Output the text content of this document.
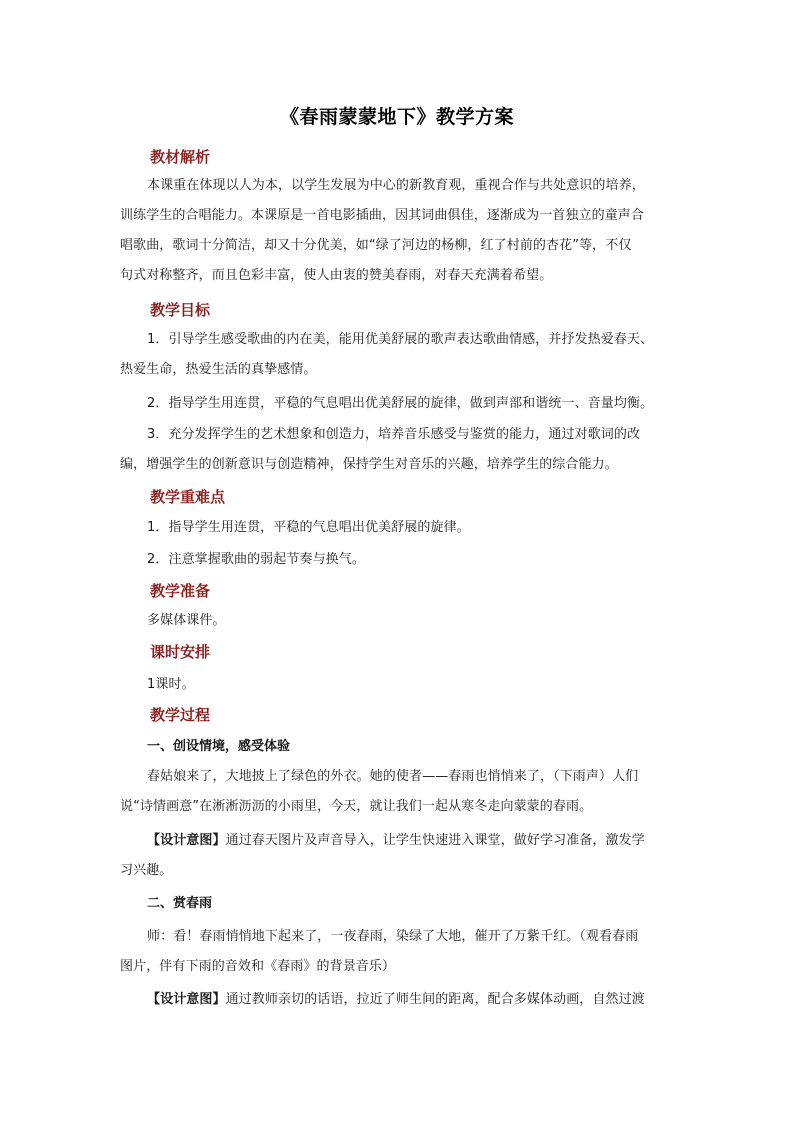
《春雨蒙蒙地下》教学方案
教材解析
本课重在体现以人为本，以学生发展为中心的新教育观，重视合作与共处意识的培养，
训练学生的合唱能力。本课原是一首电影插曲，因其词曲俱佳，逐渐成为一首独立的童声合
唱歌曲，歌词十分简洁，却又十分优美，如“绿了河边的杨柳，红了村前的杏花”等，不仅
句式对称整齐，而且色彩丰富，使人由衷的赞美春雨，对春天充满着希望。
教学目标
1．引导学生感受歌曲的内在美，能用优美舒展的歌声表达歌曲情感，并抒发热爱春天、
热爱生命，热爱生活的真挚感情。
2．指导学生用连贯，平稳的气息唱出优美舒展的旋律，做到声部和谐统一、音量均衡。
3．充分发挥学生的艺术想象和创造力，培养音乐感受与鉴赏的能力，通过对歌词的改
编，增强学生的创新意识与创造精神，保持学生对音乐的兴趣，培养学生的综合能力。
教学重难点
1．指导学生用连贯，平稳的气息唱出优美舒展的旋律。
2．注意掌握歌曲的弱起节奏与换气。
教学准备
多媒体课件。
课时安排
1课时。
教学过程
一、创设情境，感受体验
春姑娘来了，大地披上了绿色的外衣。她的使者——春雨也悄悄来了，（下雨声）人们
说“诗情画意”在淅淅沥沥的小雨里，今天，就让我们一起从寒冬走向蒙蒙的春雨。
【设计意图】通过春天图片及声音导入，让学生快速进入课堂，做好学习准备，激发学
习兴趣。
二、赏春雨
师：看！春雨悄悄地下起来了，一夜春雨，染绿了大地，催开了万紫千红。（观看春雨
图片，伴有下雨的音效和《春雨》的背景音乐）
【设计意图】通过教师亲切的话语，拉近了师生间的距离，配合多媒体动画，自然过渡
